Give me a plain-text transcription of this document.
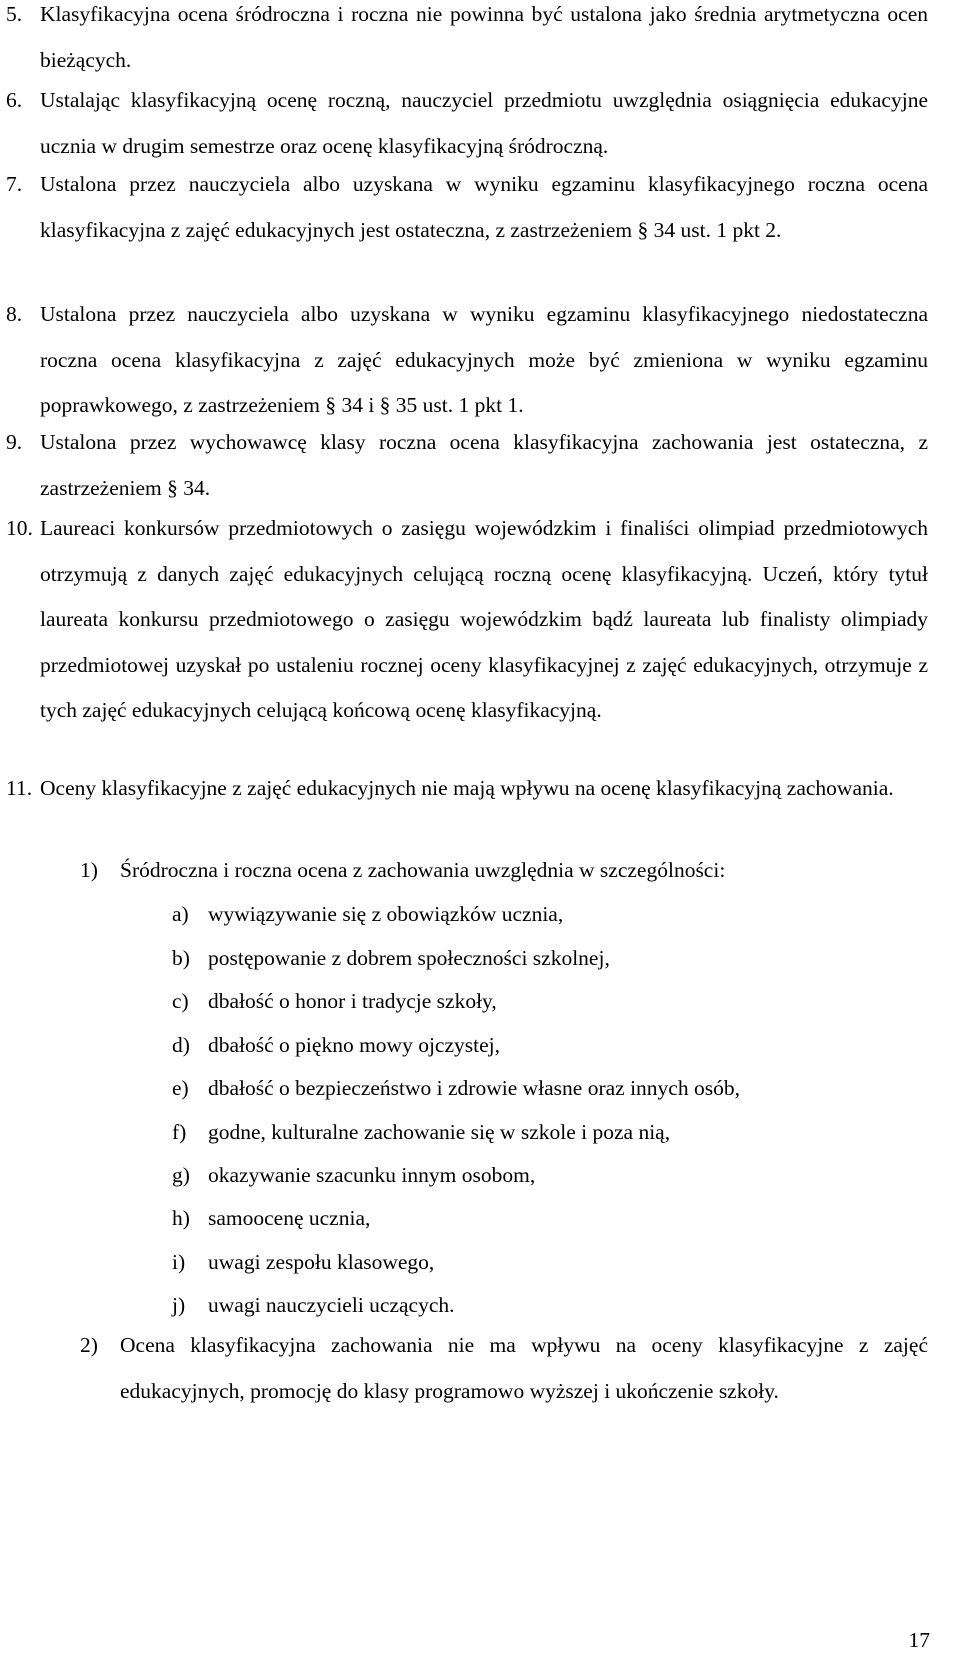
5. Klasyfikacyjna ocena śródroczna i roczna nie powinna być ustalona jako średnia arytmetyczna ocen bieżących.
6. Ustalając klasyfikacyjną ocenę roczną, nauczyciel przedmiotu uwzględnia osiągnięcia edukacyjne ucznia w drugim semestrze oraz ocenę klasyfikacyjną śródroczną.
7. Ustalona przez nauczyciela albo uzyskana w wyniku egzaminu klasyfikacyjnego roczna ocena klasyfikacyjna z zajęć edukacyjnych jest ostateczna, z zastrzeżeniem § 34 ust. 1 pkt 2.
8. Ustalona przez nauczyciela albo uzyskana w wyniku egzaminu klasyfikacyjnego niedostateczna roczna ocena klasyfikacyjna z zajęć edukacyjnych może być zmieniona w wyniku egzaminu poprawkowego, z zastrzeżeniem § 34 i § 35 ust. 1 pkt 1.
9. Ustalona przez wychowawcę klasy roczna ocena klasyfikacyjna zachowania jest ostateczna, z zastrzeżeniem § 34.
10. Laureaci konkursów przedmiotowych o zasięgu wojewódzkim i finaliści olimpiad przedmiotowych otrzymują z danych zajęć edukacyjnych celującą roczną ocenę klasyfikacyjną. Uczeń, który tytuł laureata konkursu przedmiotowego o zasięgu wojewódzkim bądź laureata lub finalisty olimpiady przedmiotowej uzyskał po ustaleniu rocznej oceny klasyfikacyjnej z zajęć edukacyjnych, otrzymuje z tych zajęć edukacyjnych celującą końcową ocenę klasyfikacyjną.
11. Oceny klasyfikacyjne z zajęć edukacyjnych nie mają wpływu na ocenę klasyfikacyjną zachowania.
1) Śródroczna i roczna ocena z zachowania uwzględnia w szczególności:
a) wywiązywanie się z obowiązków ucznia,
b) postępowanie z dobrem społeczności szkolnej,
c) dbałość o honor i tradycje szkoły,
d) dbałość o piękno mowy ojczystej,
e) dbałość o bezpieczeństwo i zdrowie własne oraz innych osób,
f) godne, kulturalne zachowanie się w szkole i poza nią,
g) okazywanie szacunku innym osobom,
h) samoocenę ucznia,
i) uwagi zespołu klasowego,
j) uwagi nauczycieli uczących.
2) Ocena klasyfikacyjna zachowania nie ma wpływu na oceny klasyfikacyjne z zajęć edukacyjnych, promocję do klasy programowo wyższej i ukończenie szkoły.
17
